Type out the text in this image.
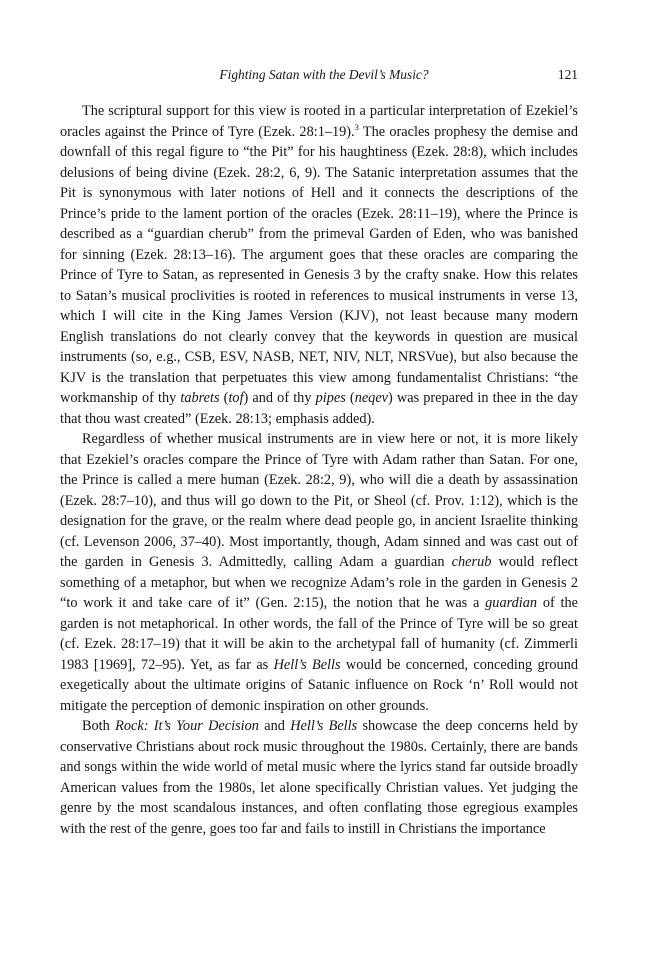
Fighting Satan with the Devil’s Music?	121

The scriptural support for this view is rooted in a particular interpretation of Ezekiel’s oracles against the Prince of Tyre (Ezek. 28:1–19).$^3$ The oracles prophesy the demise and downfall of this regal figure to “the Pit” for his haughtiness (Ezek. 28:8), which includes delusions of being divine (Ezek. 28:2, 6, 9). The Satanic interpretation assumes that the Pit is synonymous with later notions of Hell and it connects the descriptions of the Prince’s pride to the lament portion of the oracles (Ezek. 28:11–19), where the Prince is described as a “guardian cherub” from the primeval Garden of Eden, who was banished for sinning (Ezek. 28:13–16). The argument goes that these oracles are comparing the Prince of Tyre to Satan, as represented in Genesis 3 by the crafty snake. How this relates to Satan’s musical proclivities is rooted in references to musical instruments in verse 13, which I will cite in the King James Version (KJV), not least because many modern English translations do not clearly convey that the keywords in question are musical instruments (so, e.g., CSB, ESV, NASB, NET, NIV, NLT, NRSVue), but also because the KJV is the translation that perpetuates this view among fundamentalist Christians: “the workmanship of thy tabrets (tof) and of thy pipes (neqev) was prepared in thee in the day that thou wast created” (Ezek. 28:13; emphasis added).

Regardless of whether musical instruments are in view here or not, it is more likely that Ezekiel’s oracles compare the Prince of Tyre with Adam rather than Satan. For one, the Prince is called a mere human (Ezek. 28:2, 9), who will die a death by assassination (Ezek. 28:7–10), and thus will go down to the Pit, or Sheol (cf. Prov. 1:12), which is the designation for the grave, or the realm where dead people go, in ancient Israelite thinking (cf. Levenson 2006, 37–40). Most importantly, though, Adam sinned and was cast out of the garden in Genesis 3. Admittedly, calling Adam a guardian cherub would reflect something of a metaphor, but when we recognize Adam’s role in the garden in Genesis 2 “to work it and take care of it” (Gen. 2:15), the notion that he was a guardian of the garden is not metaphorical. In other words, the fall of the Prince of Tyre will be so great (cf. Ezek. 28:17–19) that it will be akin to the archetypal fall of humanity (cf. Zimmerli 1983 [1969], 72–95). Yet, as far as Hell’s Bells would be concerned, conceding ground exegetically about the ultimate origins of Satanic influence on Rock ‘n’ Roll would not mitigate the perception of demonic inspiration on other grounds.

Both Rock: It’s Your Decision and Hell’s Bells showcase the deep concerns held by conservative Christians about rock music throughout the 1980s. Certainly, there are bands and songs within the wide world of metal music where the lyrics stand far outside broadly American values from the 1980s, let alone specifically Christian values. Yet judging the genre by the most scandalous instances, and often conflating those egregious examples with the rest of the genre, goes too far and fails to instill in Christians the importance
